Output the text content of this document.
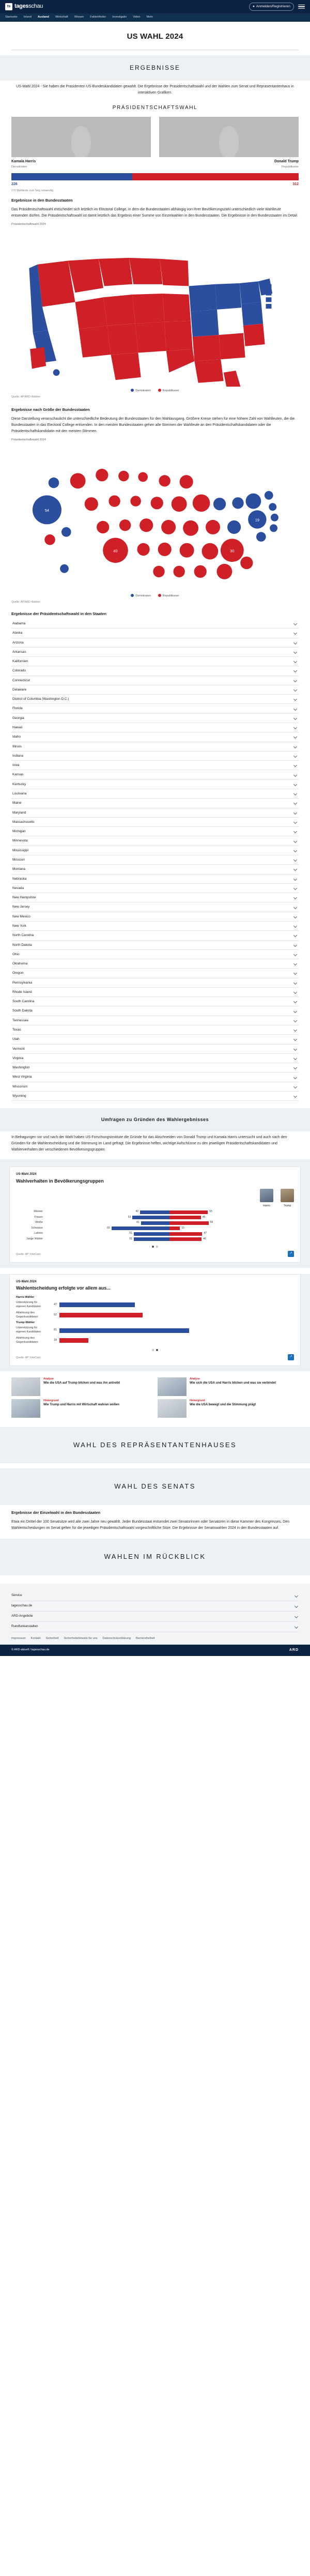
ts tagesschau	● Anmelden/Registrieren
Startseite Inland Ausland Wirtschaft Wissen Faktenfinder Investigativ Video Mehr
US WAHL 2024
ERGEBNISSE

US-Wahl 2024 - Sie haben die Prasidenten US-Bundeskandidaten gewahlt. Die Ergebnisse der Prasidentschaftswahl und der Wahlen zum Senat und Reprasentantenhaus in interaktiven Grafiken.

PRÄSIDENTSCHAFTSWAHL
Kamala Harris
Demokraten
Donald Trump
Republikaner
226	312
270 Wahlleute zum Sieg notwendig
Ergebnisse in den Bundesstaaten

Das Präsidentschaftswahl entscheidet sich letztlich im Electoral College, in dem die Bundesstaaten abhängig von ihrer Bevölkerungszahl unterschiedlich viele Wahlleute entsenden dürfen. Die Präsidentschaftswahl ist damit letztlich das Ergebnis einer Summe von Einzelwahlen in den Bundesstaaten. Die Ergebnisse in den Bundesstaaten im Detail.

Präsidentschaftswahl 2024
Demokraten	Republikaner
Quelle: AP/ARD-Wahlen
Ergebnisse nach Größe der Bundesstaaten

Diese Darstellung veranschaulicht die unterschiedliche Bedeutung der Bundesstaaten für den Wahlausgang. Größere Kreise stehen für eine höhere Zahl von Wahlleuten, die die Bundesstaaten in das Electoral College entsenden. In den meisten Bundesstaaten gehen alle Stimmen der Wahlleute an den Präsidentschaftskandidaten oder die Präsidentschaftskandidatin mit den meisten Stimmen.

Präsidentschaftswahl 2024
54
40	30
19
Demokraten	Republikaner
Quelle: AP/ARD-Wahlen
Ergebnisse der Präsidentschaftswahl in den Staaten
Alabama
Alaska
Arizona
Arkansas
Kalifornien
Colorado
Connecticut
Delaware
District of Columbia (Washington D.C.)
Florida
Georgia
Hawaii
Idaho
Illinois
Indiana
Iowa
Kansas
Kentucky
Louisiana
Maine
Maryland
Massachusetts
Michigan
Minnesota
Mississippi
Missouri
Montana
Nebraska
Nevada
New Hampshire
New Jersey
New Mexico
New York
North Carolina
North Dakota
Ohio
Oklahoma
Oregon
Pennsylvania
Rhode Island
South Carolina
South Dakota
Tennessee
Texas
Utah
Vermont
Virginia
Washington
West Virginia
Wisconsin
Wyoming
Umfragen zu Gründen des Wahlergebnisses

In Befragungen vor und nach der Wahl haben US-Forschungsinstitute die Gründe für das Abschneiden von Donald Trump und Kamala Harris untersucht und auch nach den Gründen für die Wahlentscheidung und die Stimmung im Land gefragt. Die Ergebnisse helfen, wichtige Aufschlüsse zu den jeweiligen Präsidentschaftskandidaten und Wählerverhalten der verschiedenen Bevölkerungsgruppen.

US-Wahl 2024
Wahlverhalten in Bevölkerungsgruppen
Harris	Trump
Männer	42	55
Frauen	53	45
Weiße	41	56
Schwarze	83	15
Latinos	51	47
Junge Wähler	51	46
Quelle: AP VoteCast	↗
US-Wahl 2024
Wahlentscheidung erfolgte vor allem aus...
Harris-Wähler
Unterstützung für eigenen Kandidaten
47
Ablehnung des Gegenkandidaten
52
Trump-Wähler
Unterstützung für eigenen Kandidaten
81
Ablehnung des Gegenkandidaten
18
Quelle: AP VoteCast	↗
Analyse
Wie die USA auf Trump blicken und was ihn antreibt
Analyse
Wie sich die USA und Harris blicken und was sie verbindet
Hintergrund
Wie Trump und Harris mit Wirtschaft wahren wollen
Hintergrund
Wie die USA bewegt und die Stimmung prägt
WAHL DES REPRÄSENTANTENHAUSES
WAHL DES SENATS
Ergebnisse der Einzelwahl in den Bundesstaaten

Etwa ein Drittel der 100 Senatsitze wird alle zwei Jahre neu gewählt. Jeder Bundesstaat entsendet zwei Senatorinnen oder Senatoren in diese Kammer des Kongresses. Den Wahlentscheidungen im Senat gelten für die jeweiligen Präsidentschaftswahl vorgeschriftliche Sitze. Die Ergebnisse der Senatswahlen 2024 in den Bundesstaaten auf.

WAHLEN IM RÜCKBLICK
Service
tagesschau.de
ARD-Angebote
Rundfunkanstalten
Impressum Kontakt Sicherheit Sicherheitshinweis für uns Datenschutzerklärung Barrierefreiheit
© ARD-aktuell / tagesschau.de	ARD
